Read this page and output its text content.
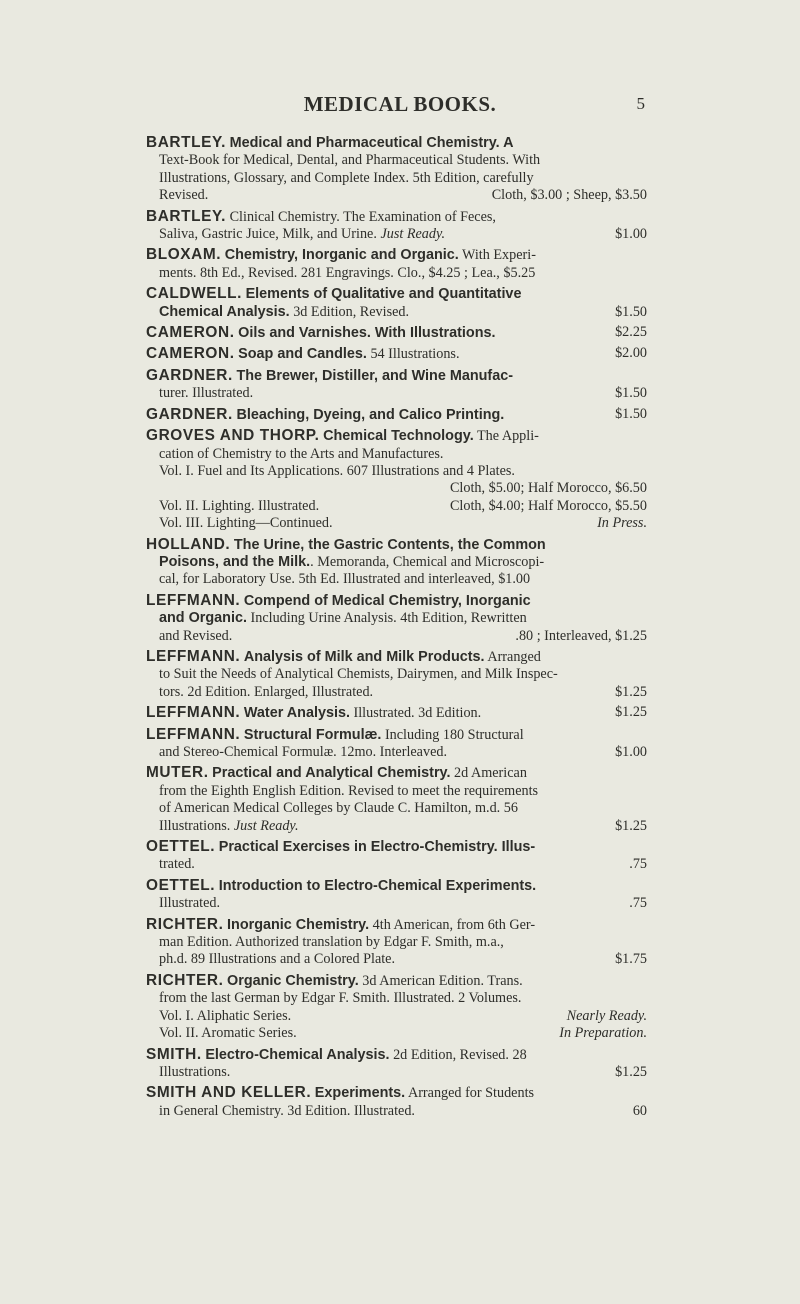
MEDICAL BOOKS.	5
BARTLEY. Medical and Pharmaceutical Chemistry. A
Text-Book for Medical, Dental, and Pharmaceutical Students. With
Illustrations, Glossary, and Complete Index. 5th Edition, carefully
Revised.	Cloth, $3.00 ; Sheep, $3.50
BARTLEY. Clinical Chemistry. The Examination of Feces,
Saliva, Gastric Juice, Milk, and Urine. Just Ready.	$1.00
BLOXAM. Chemistry, Inorganic and Organic. With Experi-
ments. 8th Ed., Revised. 281 Engravings. Clo., $4.25 ; Lea., $5.25
CALDWELL. Elements of Qualitative and Quantitative
Chemical Analysis. 3d Edition, Revised.	$1.50
CAMERON. Oils and Varnishes. With Illustrations.	$2.25
CAMERON. Soap and Candles. 54 Illustrations.	$2.00
GARDNER. The Brewer, Distiller, and Wine Manufac-
turer. Illustrated.	$1.50
GARDNER. Bleaching, Dyeing, and Calico Printing.	$1.50
GROVES AND THORP. Chemical Technology. The Appli-
cation of Chemistry to the Arts and Manufactures.
Vol. I. Fuel and Its Applications. 607 Illustrations and 4 Plates.
Cloth, $5.00; Half Morocco, $6.50
Vol. II. Lighting. Illustrated.	Cloth, $4.00; Half Morocco, $5.50
Vol. III. Lighting—Continued.	In Press.
HOLLAND. The Urine, the Gastric Contents, the Common
Poisons, and the Milk.. Memoranda, Chemical and Microscopi-
cal, for Laboratory Use. 5th Ed. Illustrated and interleaved, $1.00
LEFFMANN. Compend of Medical Chemistry, Inorganic
and Organic. Including Urine Analysis. 4th Edition, Rewritten
and Revised.	.80 ; Interleaved, $1.25
LEFFMANN. Analysis of Milk and Milk Products. Arranged
to Suit the Needs of Analytical Chemists, Dairymen, and Milk Inspec-
tors. 2d Edition. Enlarged, Illustrated.	$1.25
LEFFMANN. Water Analysis. Illustrated. 3d Edition.	$1.25
LEFFMANN. Structural Formulæ. Including 180 Structural
and Stereo-Chemical Formulæ. 12mo. Interleaved.	$1.00
MUTER. Practical and Analytical Chemistry. 2d American
from the Eighth English Edition. Revised to meet the requirements
of American Medical Colleges by Claude C. Hamilton, m.d. 56
Illustrations. Just Ready.	$1.25
OETTEL. Practical Exercises in Electro-Chemistry. Illus-
trated.	.75
OETTEL. Introduction to Electro-Chemical Experiments.
Illustrated.	.75
RICHTER. Inorganic Chemistry. 4th American, from 6th Ger-
man Edition. Authorized translation by Edgar F. Smith, m.a.,
ph.d. 89 Illustrations and a Colored Plate.	$1.75
RICHTER. Organic Chemistry. 3d American Edition. Trans.
from the last German by Edgar F. Smith. Illustrated. 2 Volumes.
Vol. I. Aliphatic Series.	Nearly Ready.
Vol. II. Aromatic Series.	In Preparation.
SMITH. Electro-Chemical Analysis. 2d Edition, Revised. 28
Illustrations.	$1.25
SMITH AND KELLER. Experiments. Arranged for Students
in General Chemistry. 3d Edition. Illustrated.	60
